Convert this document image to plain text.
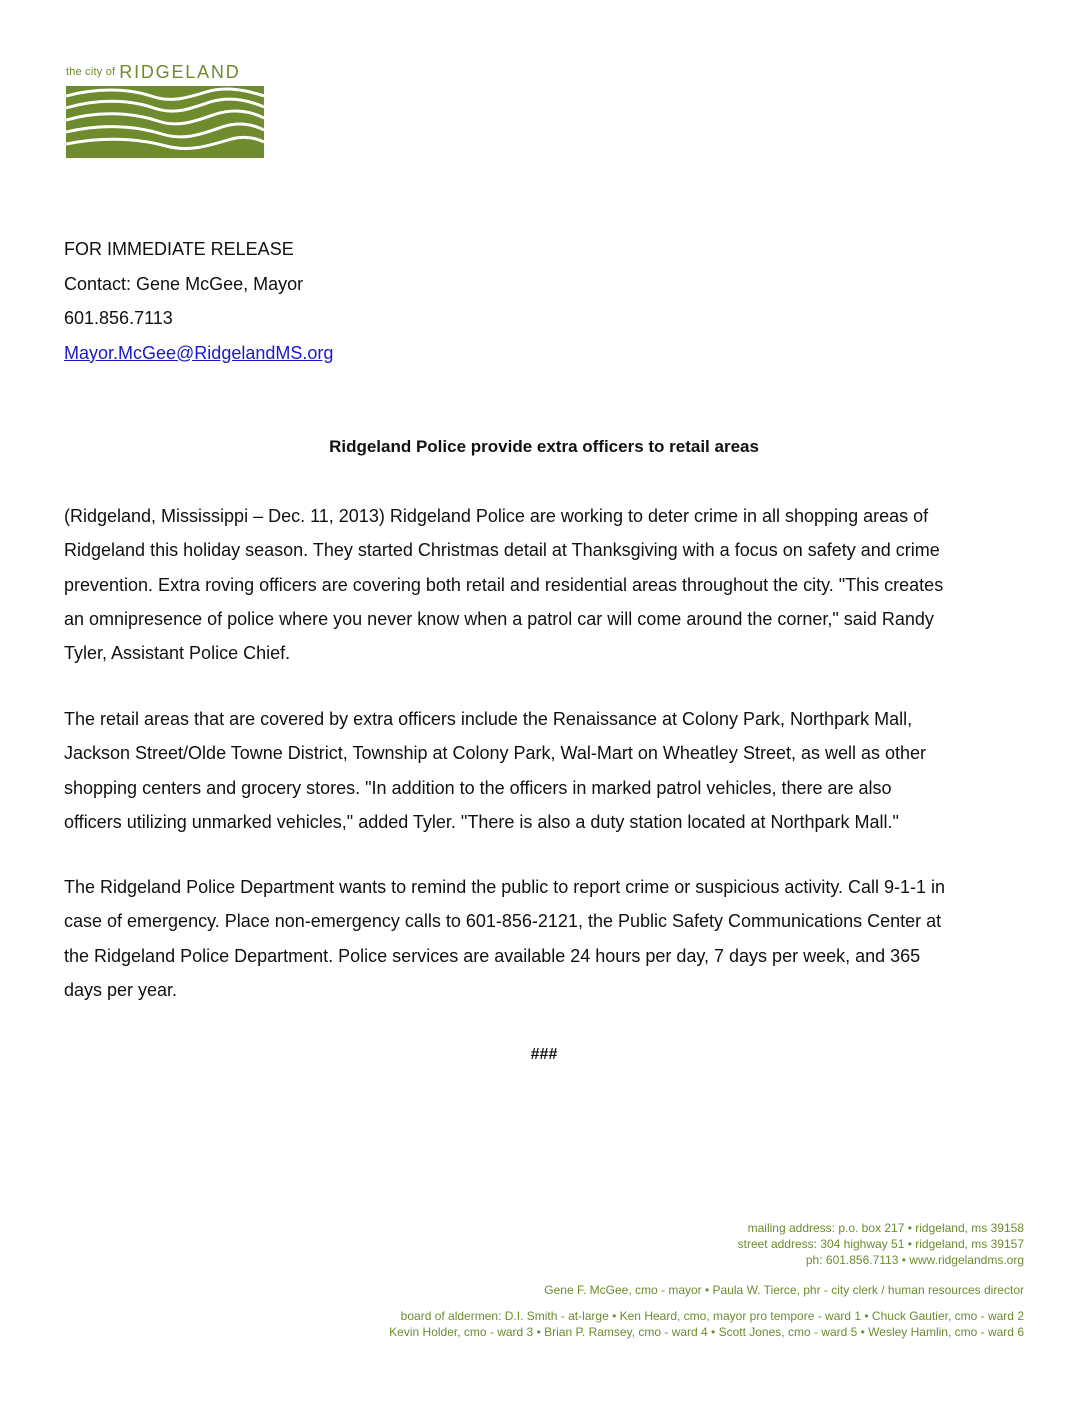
the city of RIDGELAND
FOR IMMEDIATE RELEASE
Contact: Gene McGee, Mayor
601.856.7113
Mayor.McGee@RidgelandMS.org
Ridgeland Police provide extra officers to retail areas
(Ridgeland, Mississippi – Dec. 11, 2013) Ridgeland Police are working to deter crime in all shopping areas of
Ridgeland this holiday season. They started Christmas detail at Thanksgiving with a focus on safety and crime
prevention. Extra roving officers are covering both retail and residential areas throughout the city. "This creates
an omnipresence of police where you never know when a patrol car will come around the corner," said Randy
Tyler, Assistant Police Chief.
The retail areas that are covered by extra officers include the Renaissance at Colony Park, Northpark Mall,
Jackson Street/Olde Towne District, Township at Colony Park, Wal-Mart on Wheatley Street, as well as other
shopping centers and grocery stores. "In addition to the officers in marked patrol vehicles, there are also
officers utilizing unmarked vehicles," added Tyler. "There is also a duty station located at Northpark Mall."
The Ridgeland Police Department wants to remind the public to report crime or suspicious activity. Call 9-1-1 in
case of emergency. Place non-emergency calls to 601-856-2121, the Public Safety Communications Center at
the Ridgeland Police Department. Police services are available 24 hours per day, 7 days per week, and 365
days per year.
###
mailing address: p.o. box 217 • ridgeland, ms 39158
street address: 304 highway 51 • ridgeland, ms 39157
ph: 601.856.7113 • www.ridgelandms.org
Gene F. McGee, cmo - mayor • Paula W. Tierce, phr - city clerk / human resources director
board of aldermen: D.I. Smith - at-large • Ken Heard, cmo, mayor pro tempore - ward 1 • Chuck Gautier, cmo - ward 2
Kevin Holder, cmo - ward 3 • Brian P. Ramsey, cmo - ward 4 • Scott Jones, cmo - ward 5 • Wesley Hamlin, cmo - ward 6
